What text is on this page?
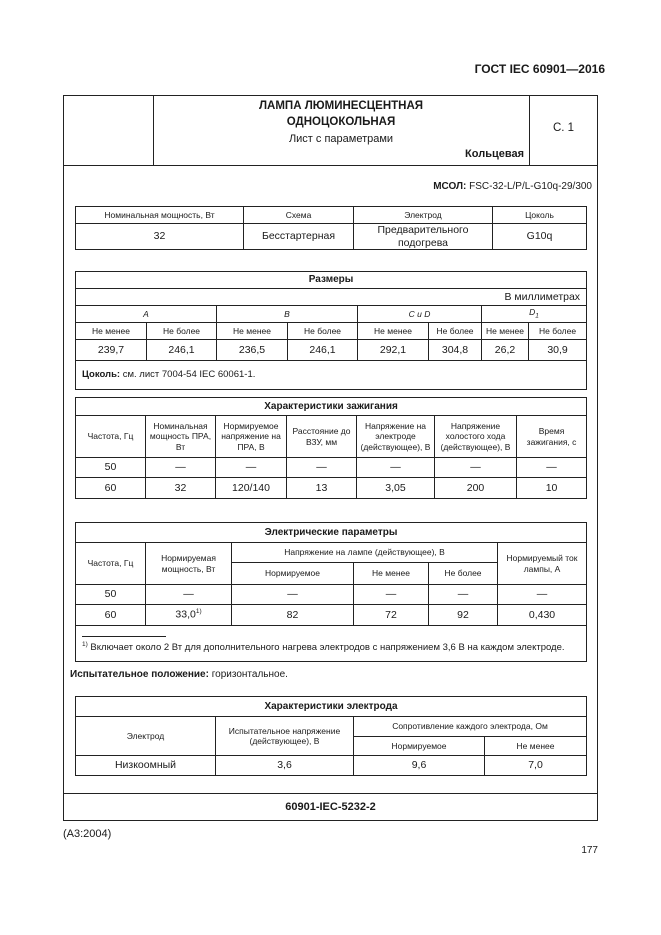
ГОСТ IEC 60901—2016
ЛАМПА ЛЮМИНЕСЦЕНТНАЯ
ОДНОЦОКОЛЬНАЯ
Лист с параметрами
Кольцевая
С. 1
МСОЛ: FSC-32-L/P/L-G10q-29/300
Номинальная мощность, Вт	Схема	Электрод	Цоколь
32	Бесстартерная	Предварительного подогрева	G10q
Размеры							
В миллиметрах							
A		B		C и D		$D_1$
Не менее	Не более	Не менее	Не более	Не менее	Не более	Не менее	Не более
239,7	246,1	236,5	246,1	292,1	304,8	26,2	30,9
Цоколь: см. лист 7004-54 IEC 60061-1.							
Характеристики зажигания						
Частота, Гц	Номинальная мощность ПРА, Вт	Нормируемое напряжение на ПРА, В	Расстояние до ВЗУ, мм	Напряжение на электроде (действующее), В	Напряжение холостого хода (действующее), В	Время зажигания, с
50	—	—	—	—	—	—
60	32	120/140	13	3,05	200	10
Электрические параметры					
Частота, Гц	Нормируемая мощность, Вт	Напряжение на лампе (действующее), В			Нормируемый ток лампы, А
		Нормируемое	Не менее	Не более	
50	—	—	—	—	—
60	33,0$^{1)}$	82	72	92	0,430

$^{1)}$ Включает около 2 Вт для дополнительного нагрева электродов с напряжением 3,6 В на каждом электроде.					
Испытательное положение: горизонтальное.
Характеристики электрода			
Электрод	Испытательное напряжение (действующее), В	Сопротивление каждого электрода, Ом	
		Нормируемое	Не менее
Низкоомный	3,6	9,6	7,0
60901-IEC-5232-2
(А3:2004)
177
